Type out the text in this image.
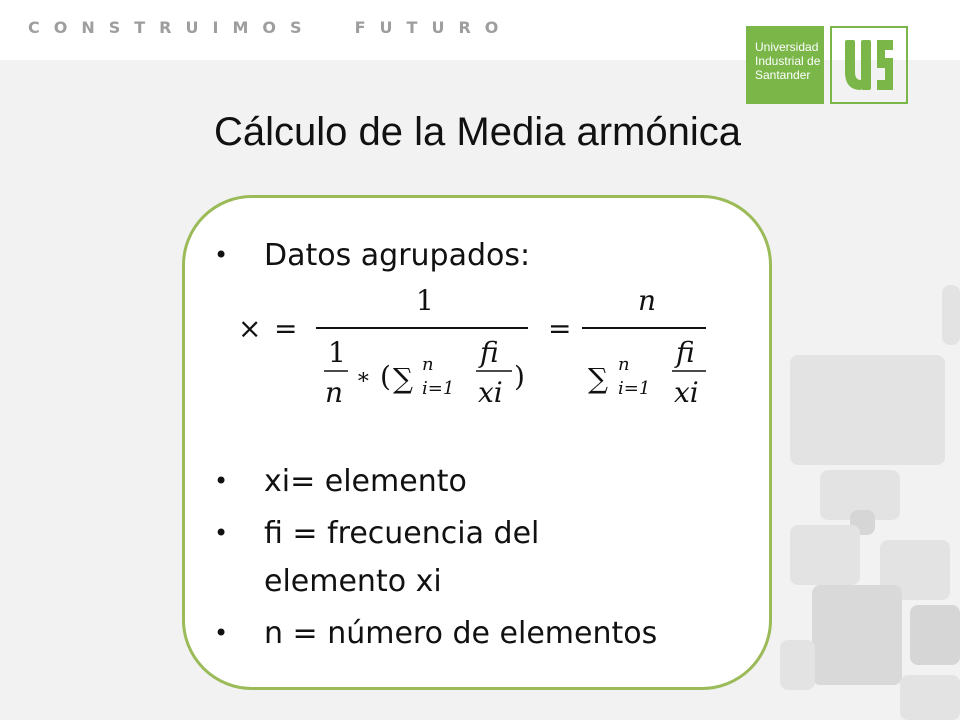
CONSTRUIMOS  FUTURO
Universidad
Industrial de
Santander
Cálculo de la Media armónica
• Datos agrupados:
× =
1
1
n ∗ ( ∑ n
i=1
fi
xi )
=
n
∑ n
i=1
fi
xi
• xi= elemento
• fi = frecuencia del
elemento xi
• n = número de elementos
